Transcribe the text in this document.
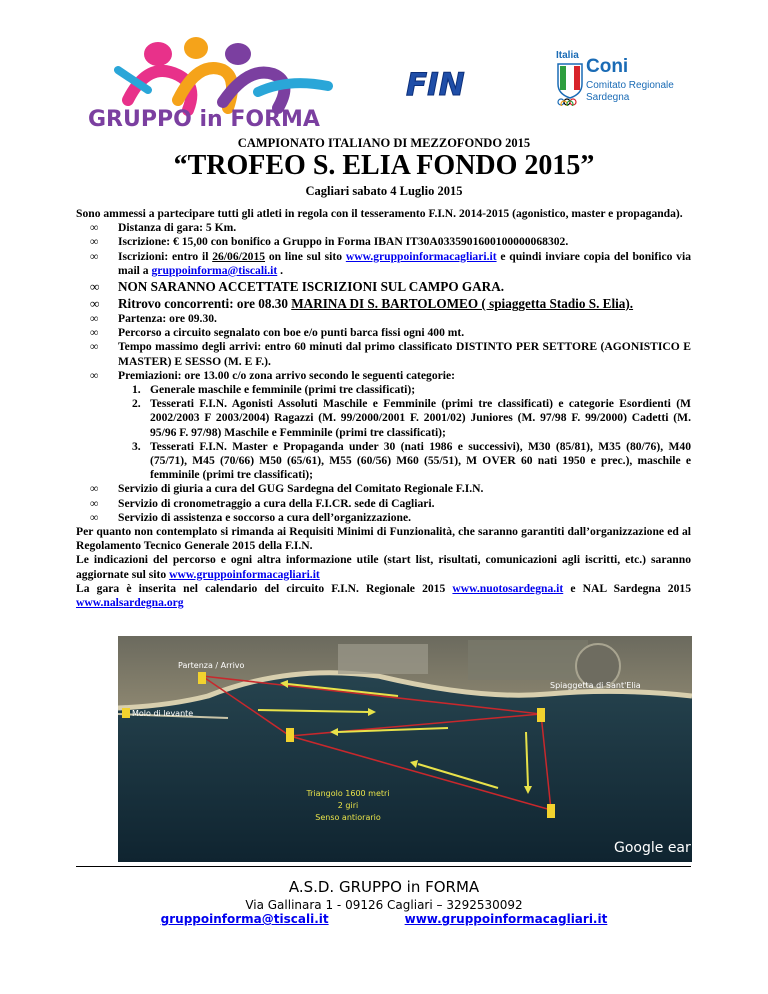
GRUPPO in FORMA
FIN
Italia
Coni
Comitato Regionale
Sardegna
CAMPIONATO ITALIANO DI MEZZOFONDO 2015
“TROFEO S. ELIA FONDO 2015”
Cagliari sabato 4 Luglio 2015

Sono ammessi a partecipare tutti gli atleti in regola con il tesseramento F.I.N. 2014-2015 (agonistico, master e propaganda).

∞ Distanza di gara: 5 Km.
∞ Iscrizione: € 15,00 con bonifico a Gruppo in Forma IBAN IT30A0335901600100000068302.
∞ Iscrizioni: entro il 26/06/2015 on line sul sito www.gruppoinformacagliari.it e quindi inviare copia del bonifico via mail a gruppoinforma@tiscali.it .
∞ NON SARANNO ACCETTATE ISCRIZIONI SUL CAMPO GARA.
∞ Ritrovo concorrenti: ore 08.30 MARINA DI S. BARTOLOMEO ( spiaggetta Stadio S. Elia).
∞ Partenza: ore 09.30.
∞ Percorso a circuito segnalato con boe e/o punti barca fissi ogni 400 mt.
∞ Tempo massimo degli arrivi: entro 60 minuti dal primo classificato DISTINTO PER SETTORE (AGONISTICO E MASTER) E SESSO (M. E F.).
∞ Premiazioni: ore 13.00 c/o zona arrivo secondo le seguenti categorie:
1. Generale maschile e femminile (primi tre classificati);
2. Tesserati F.I.N. Agonisti Assoluti Maschile e Femminile (primi tre classificati) e categorie Esordienti (M 2002/2003 F 2003/2004) Ragazzi (M. 99/2000/2001 F. 2001/02) Juniores (M. 97/98 F. 99/2000) Cadetti (M. 95/96 F. 97/98) Maschile e Femminile (primi tre classificati);
3. Tesserati F.I.N. Master e Propaganda under 30 (nati 1986 e successivi), M30 (85/81), M35 (80/76), M40 (75/71), M45 (70/66) M50 (65/61), M55 (60/56) M60 (55/51), M OVER 60 nati 1950 e prec.), maschile e femminile (primi tre classificati);
∞ Servizio di giuria a cura del GUG Sardegna del Comitato Regionale F.I.N.
∞ Servizio di cronometraggio a cura della F.I.CR. sede di Cagliari.
∞ Servizio di assistenza e soccorso a cura dell’organizzazione.

Per quanto non contemplato si rimanda ai Requisiti Minimi di Funzionalità, che saranno garantiti dall’organizzazione ed al Regolamento Tecnico Generale 2015 della F.I.N.

Le indicazioni del percorso e ogni altra informazione utile (start list, risultati, comunicazioni agli iscritti, etc.) saranno aggiornate sul sito www.gruppoinformacagliari.it

La gara è inserita nel calendario del circuito F.I.N. Regionale 2015 www.nuotosardegna.it e NAL Sardegna 2015 www.nalsardegna.org

Partenza / Arrivo
Spiaggetta di Sant'Elia
Molo di levante
Triangolo 1600 metri
2 giri
Senso antiorario
Google ear
A.S.D. GRUPPO in FORMA
Via Gallinara 1 - 09126 Cagliari – 3292530092
gruppoinforma@tiscali.it	www.gruppoinformacagliari.it
